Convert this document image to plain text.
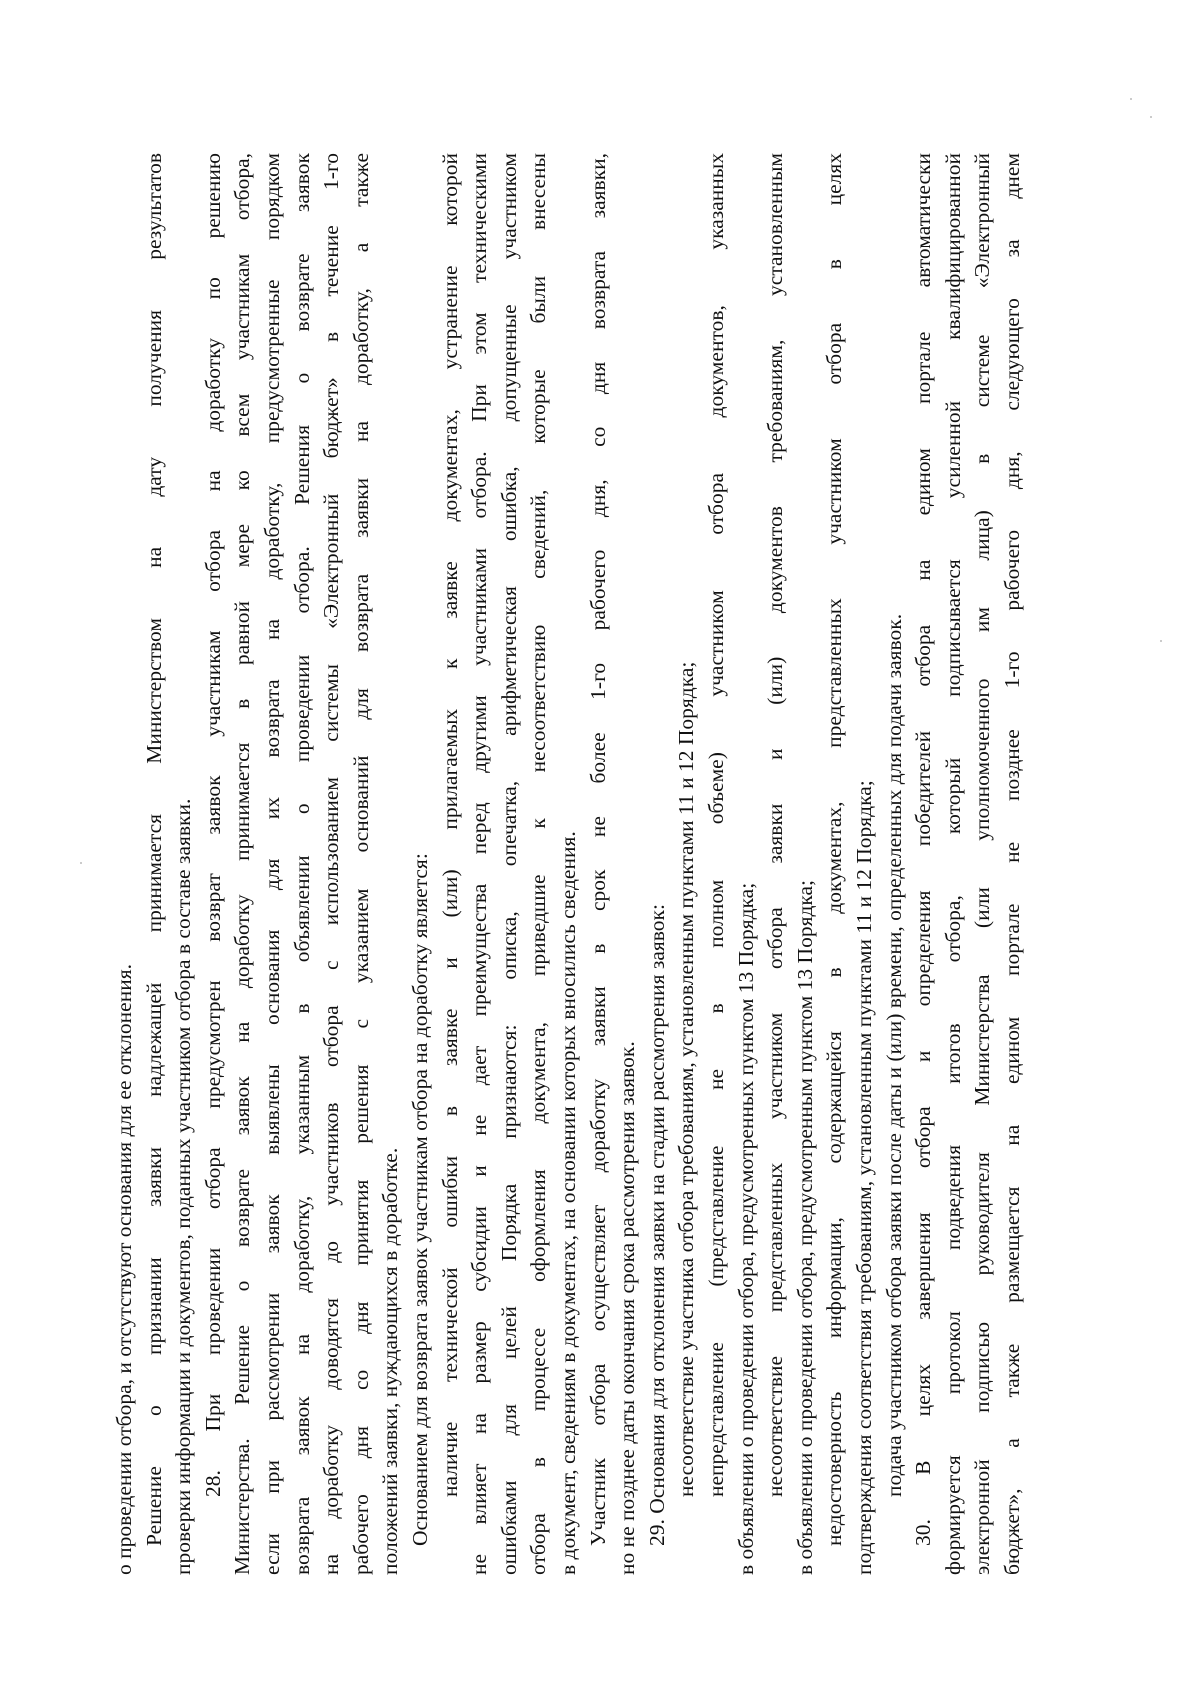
о проведении отбора, и отсутствуют основания для ее отклонения. Решение о признании заявки надлежащей принимается Министерством на дату получения результатов проверки информации и документов, поданных участником отбора в составе заявки. 28. При проведении отбора предусмотрен возврат заявок участникам отбора на доработку по решению Министерства. Решение о возврате заявок на доработку принимается в равной мере ко всем участникам отбора, если при рассмотрении заявок выявлены основания для их возврата на доработку, предусмотренные порядком возврата заявок на доработку, указанным в объявлении о проведении отбора. Решения о возврате заявок на доработку доводятся до участников отбора с использованием системы «Электронный бюджет» в течение 1-го рабочего дня со дня принятия решения с указанием оснований для возврата заявки на доработку, а также положений заявки, нуждающихся в доработке. Основанием для возврата заявок участникам отбора на доработку является: наличие технической ошибки в заявке и (или) прилагаемых к заявке документах, устранение которой не влияет на размер субсидии и не дает преимущества перед другими участниками отбора. При этом техническими ошибками для целей Порядка признаются: описка, опечатка, арифметическая ошибка, допущенные участником отбора в процессе оформления документа, приведшие к несоответствию сведений, которые были внесены в документ, сведениям в документах, на основании которых вносились сведения. Участник отбора осуществляет доработку заявки в срок не более 1-го рабочего дня, со дня возврата заявки, но не позднее даты окончания срока рассмотрения заявок. 29. Основания для отклонения заявки на стадии рассмотрения заявок: несоответствие участника отбора требованиям, установленным пунктами 11 и 12 Порядка; непредставление (представление не в полном объеме) участником отбора документов, указанных в объявлении о проведении отбора, предусмотренных пунктом 13 Порядка; несоответствие представленных участником отбора заявки и (или) документов требованиям, установленным в объявлении о проведении отбора, предусмотренным пунктом 13 Порядка; недостоверность информации, содержащейся в документах, представленных участником отбора в целях подтверждения соответствия требованиям, установленным пунктами 11 и 12 Порядка; подача участником отбора заявки после даты и (или) времени, определенных для подачи заявок. 30. В целях завершения отбора и определения победителей отбора на едином портале автоматически формируется протокол подведения итогов отбора, который подписывается усиленной квалифицированной электронной подписью руководителя Министерства (или уполномоченного им лица) в системе «Электронный бюджет», а также размещается на едином портале не позднее 1-го рабочего дня, следующего за днем
